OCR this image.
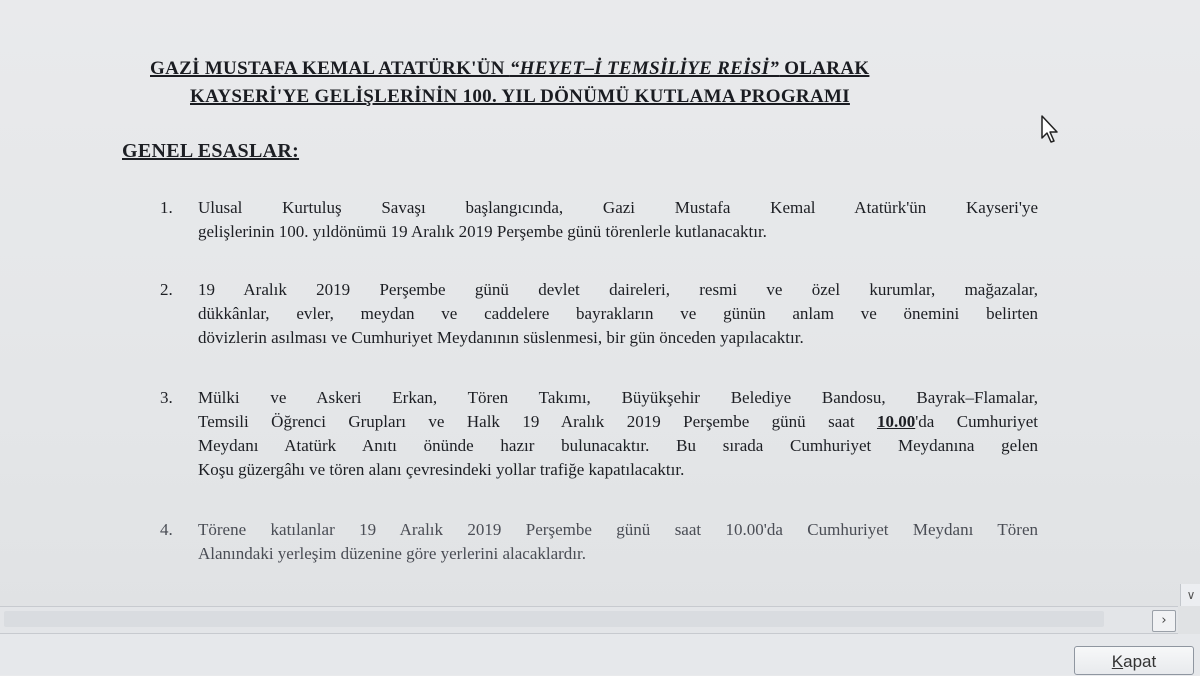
GAZİ MUSTAFA KEMAL ATATÜRK'ÜN “HEYET–İ TEMSİLİYE REİSİ” OLARAK
KAYSERİ'YE GELİŞLERİNİN 100. YIL DÖNÜMÜ KUTLAMA PROGRAMI
GENEL ESASLAR:
1. Ulusal Kurtuluş Savaşı başlangıcında, Gazi Mustafa Kemal Atatürk'ün Kayseri'ye
gelişlerinin 100. yıldönümü 19 Aralık 2019 Perşembe günü törenlerle kutlanacaktır.
2. 19 Aralık 2019 Perşembe günü devlet daireleri, resmi ve özel kurumlar, mağazalar,
dükkânlar, evler, meydan ve caddelere bayrakların ve günün anlam ve önemini belirten
dövizlerin asılması ve Cumhuriyet Meydanının süslenmesi, bir gün önceden yapılacaktır.
3. Mülki ve Askeri Erkan, Tören Takımı, Büyükşehir Belediye Bandosu, Bayrak–Flamalar,
Temsili Öğrenci Grupları ve Halk 19 Aralık 2019 Perşembe günü saat 10.00'da Cumhuriyet
Meydanı Atatürk Anıtı önünde hazır bulunacaktır. Bu sırada Cumhuriyet Meydanına gelen
Koşu güzergâhı ve tören alanı çevresindeki yollar trafiğe kapatılacaktır.
4. Törene katılanlar 19 Aralık 2019 Perşembe günü saat 10.00'da Cumhuriyet Meydanı Tören
Alanındaki yerleşim düzenine göre yerlerini alacaklardır.
∨
›
Kapat
